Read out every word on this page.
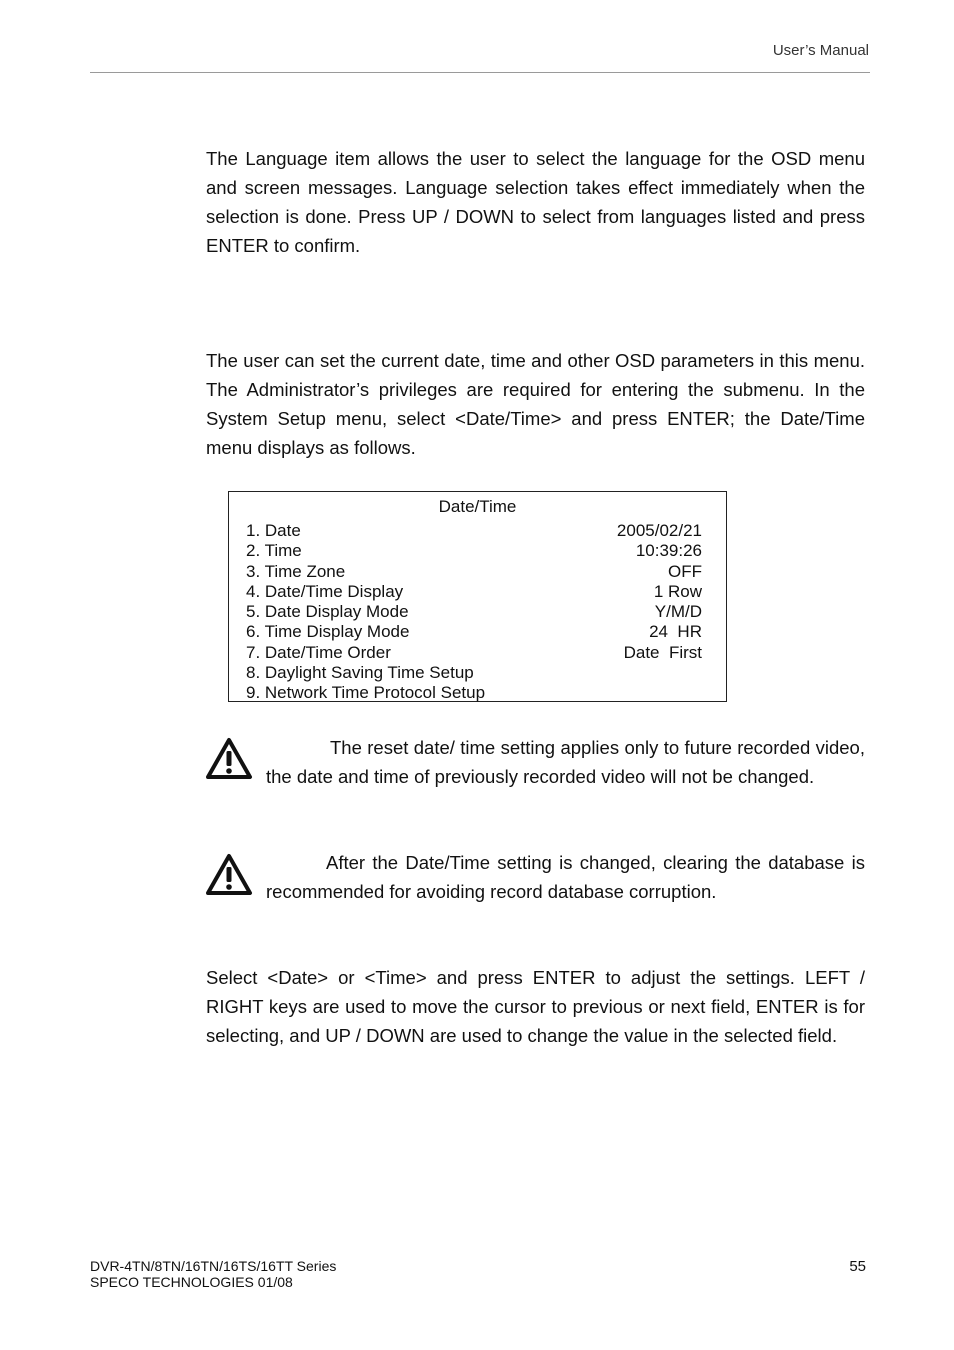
User’s Manual

The Language item allows the user to select the language for the OSD menu and screen messages. Language selection takes effect immediately when the selection is done. Press UP / DOWN to select from languages listed and press ENTER to confirm.

The user can set the current date, time and other OSD parameters in this menu. The Administrator’s privileges are required for entering the submenu. In the System Setup menu, select <Date/Time> and press ENTER; the Date/Time menu displays as follows.

Date/Time
1. Date	2005/02/21
2. Time	10:39:26
3. Time Zone	OFF
4. Date/Time Display	1 Row
5. Date Display Mode	Y/M/D
6. Time Display Mode	24  HR
7. Date/Time Order	Date  First
8. Daylight Saving Time Setup
9. Network Time Protocol Setup

The reset date/ time setting applies only to future recorded video, the date and time of previously recorded video will not be changed.

After the Date/Time setting is changed, clearing the database is recommended for avoiding record database corruption.

Select <Date> or <Time> and press ENTER to adjust the settings. LEFT / RIGHT keys are used to move the cursor to previous or next field, ENTER is for selecting, and UP / DOWN are used to change the value in the selected field.

DVR-4TN/8TN/16TN/16TS/16TT Series
SPECO TECHNOLOGIES 01/08
55
